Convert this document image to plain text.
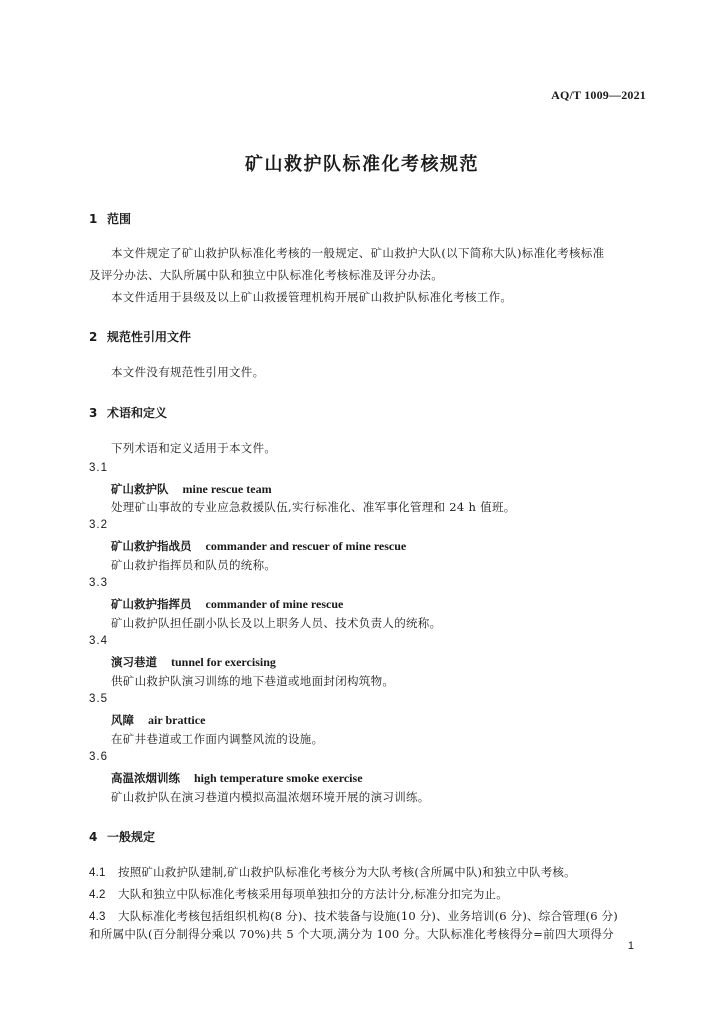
AQ/T 1009—2021
矿山救护队标准化考核规范
1 范围
本文件规定了矿山救护队标准化考核的一般规定、矿山救护大队(以下简称大队)标准化考核标准
及评分办法、大队所属中队和独立中队标准化考核标准及评分办法。
本文件适用于县级及以上矿山救援管理机构开展矿山救护队标准化考核工作。
2 规范性引用文件
本文件没有规范性引用文件。
3 术语和定义
下列术语和定义适用于本文件。
3.1
矿山救护队 mine rescue team
处理矿山事故的专业应急救援队伍,实行标准化、准军事化管理和 24 h 值班。
3.2
矿山救护指战员 commander and rescuer of mine rescue
矿山救护指挥员和队员的统称。
3.3
矿山救护指挥员 commander of mine rescue
矿山救护队担任副小队长及以上职务人员、技术负责人的统称。
3.4
演习巷道 tunnel for exercising
供矿山救护队演习训练的地下巷道或地面封闭构筑物。
3.5
风障 air brattice
在矿井巷道或工作面内调整风流的设施。
3.6
高温浓烟训练 high temperature smoke exercise
矿山救护队在演习巷道内模拟高温浓烟环境开展的演习训练。
4 一般规定
4.1 按照矿山救护队建制,矿山救护队标准化考核分为大队考核(含所属中队)和独立中队考核。
4.2 大队和独立中队标准化考核采用每项单独扣分的方法计分,标准分扣完为止。
4.3 大队标准化考核包括组织机构(8 分)、技术装备与设施(10 分)、业务培训(6 分)、综合管理(6 分)
和所属中队(百分制得分乘以 70%)共 5 个大项,满分为 100 分。大队标准化考核得分=前四大项得分
1
